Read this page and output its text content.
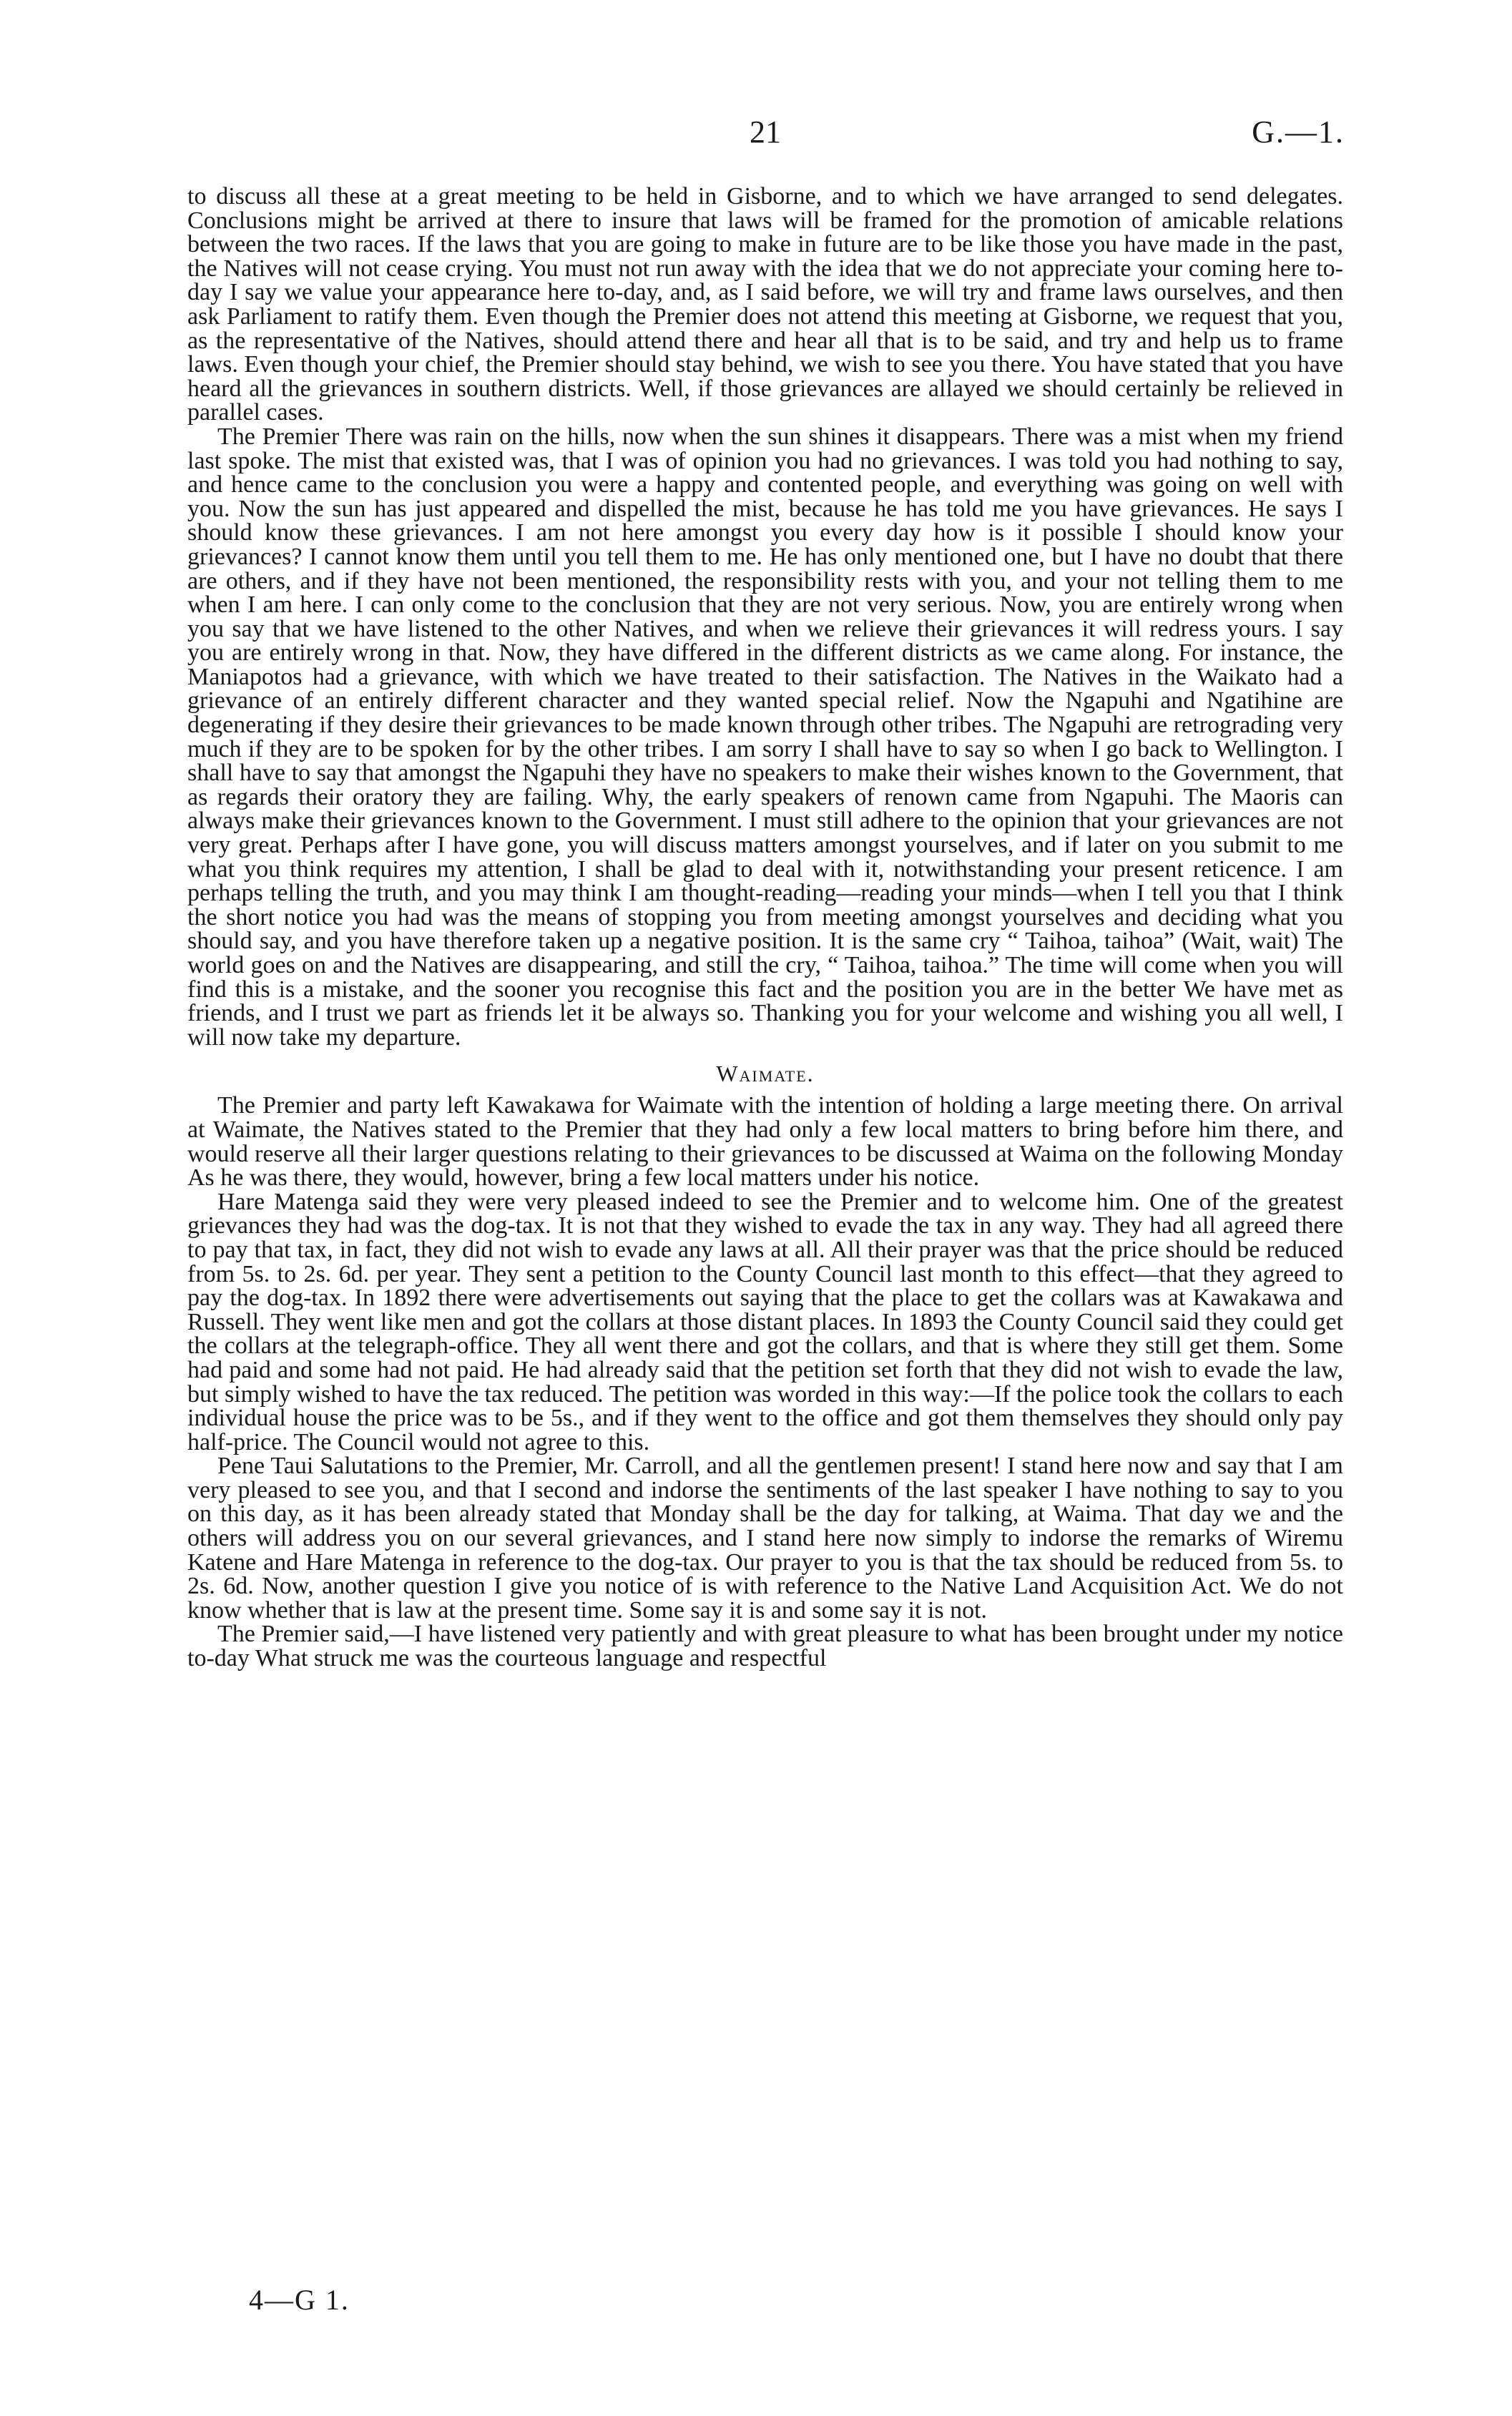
21	G.—1.

to discuss all these at a great meeting to be held in Gisborne, and to which we have arranged to send delegates. Conclusions might be arrived at there to insure that laws will be framed for the promotion of amicable relations between the two races. If the laws that you are going to make in future are to be like those you have made in the past, the Natives will not cease crying. You must not run away with the idea that we do not appreciate your coming here to-day I say we value your appearance here to-day, and, as I said before, we will try and frame laws ourselves, and then ask Parliament to ratify them. Even though the Premier does not attend this meeting at Gisborne, we request that you, as the representative of the Natives, should attend there and hear all that is to be said, and try and help us to frame laws. Even though your chief, the Premier should stay behind, we wish to see you there. You have stated that you have heard all the grievances in southern districts. Well, if those grievances are allayed we should certainly be relieved in parallel cases.

The Premier There was rain on the hills, now when the sun shines it disappears. There was a mist when my friend last spoke. The mist that existed was, that I was of opinion you had no grievances. I was told you had nothing to say, and hence came to the conclusion you were a happy and contented people, and everything was going on well with you. Now the sun has just appeared and dispelled the mist, because he has told me you have grievances. He says I should know these grievances. I am not here amongst you every day how is it possible I should know your grievances? I cannot know them until you tell them to me. He has only mentioned one, but I have no doubt that there are others, and if they have not been mentioned, the responsibility rests with you, and your not telling them to me when I am here. I can only come to the conclusion that they are not very serious. Now, you are entirely wrong when you say that we have listened to the other Natives, and when we relieve their grievances it will redress yours. I say you are entirely wrong in that. Now, they have differed in the different districts as we came along. For instance, the Maniapotos had a grievance, with which we have treated to their satisfaction. The Natives in the Waikato had a grievance of an entirely different character and they wanted special relief. Now the Ngapuhi and Ngatihine are degenerating if they desire their grievances to be made known through other tribes. The Ngapuhi are retrograding very much if they are to be spoken for by the other tribes. I am sorry I shall have to say so when I go back to Wellington. I shall have to say that amongst the Ngapuhi they have no speakers to make their wishes known to the Government, that as regards their oratory they are failing. Why, the early speakers of renown came from Ngapuhi. The Maoris can always make their grievances known to the Government. I must still adhere to the opinion that your grievances are not very great. Perhaps after I have gone, you will discuss matters amongst yourselves, and if later on you submit to me what you think requires my attention, I shall be glad to deal with it, notwithstanding your present reticence. I am perhaps telling the truth, and you may think I am thought-reading—reading your minds—when I tell you that I think the short notice you had was the means of stopping you from meeting amongst yourselves and deciding what you should say, and you have therefore taken up a negative position. It is the same cry “ Taihoa, taihoa” (Wait, wait) The world goes on and the Natives are disappearing, and still the cry, “ Taihoa, taihoa.” The time will come when you will find this is a mistake, and the sooner you recognise this fact and the position you are in the better We have met as friends, and I trust we part as friends let it be always so. Thanking you for your welcome and wishing you all well, I will now take my departure.

Waimate.

The Premier and party left Kawakawa for Waimate with the intention of holding a large meeting there. On arrival at Waimate, the Natives stated to the Premier that they had only a few local matters to bring before him there, and would reserve all their larger questions relating to their grievances to be discussed at Waima on the following Monday As he was there, they would, however, bring a few local matters under his notice.

Hare Matenga said they were very pleased indeed to see the Premier and to welcome him. One of the greatest grievances they had was the dog-tax. It is not that they wished to evade the tax in any way. They had all agreed there to pay that tax, in fact, they did not wish to evade any laws at all. All their prayer was that the price should be reduced from 5s. to 2s. 6d. per year. They sent a petition to the County Council last month to this effect—that they agreed to pay the dog-tax. In 1892 there were advertisements out saying that the place to get the collars was at Kawakawa and Russell. They went like men and got the collars at those distant places. In 1893 the County Council said they could get the collars at the telegraph-office. They all went there and got the collars, and that is where they still get them. Some had paid and some had not paid. He had already said that the petition set forth that they did not wish to evade the law, but simply wished to have the tax reduced. The petition was worded in this way:—If the police took the collars to each individual house the price was to be 5s., and if they went to the office and got them themselves they should only pay half-price. The Council would not agree to this.

Pene Taui Salutations to the Premier, Mr. Carroll, and all the gentlemen present! I stand here now and say that I am very pleased to see you, and that I second and indorse the sentiments of the last speaker I have nothing to say to you on this day, as it has been already stated that Monday shall be the day for talking, at Waima. That day we and the others will address you on our several grievances, and I stand here now simply to indorse the remarks of Wiremu Katene and Hare Matenga in reference to the dog-tax. Our prayer to you is that the tax should be reduced from 5s. to 2s. 6d. Now, another question I give you notice of is with reference to the Native Land Acquisition Act. We do not know whether that is law at the present time. Some say it is and some say it is not.

The Premier said,—I have listened very patiently and with great pleasure to what has been brought under my notice to-day What struck me was the courteous language and respectful

4—G 1.
